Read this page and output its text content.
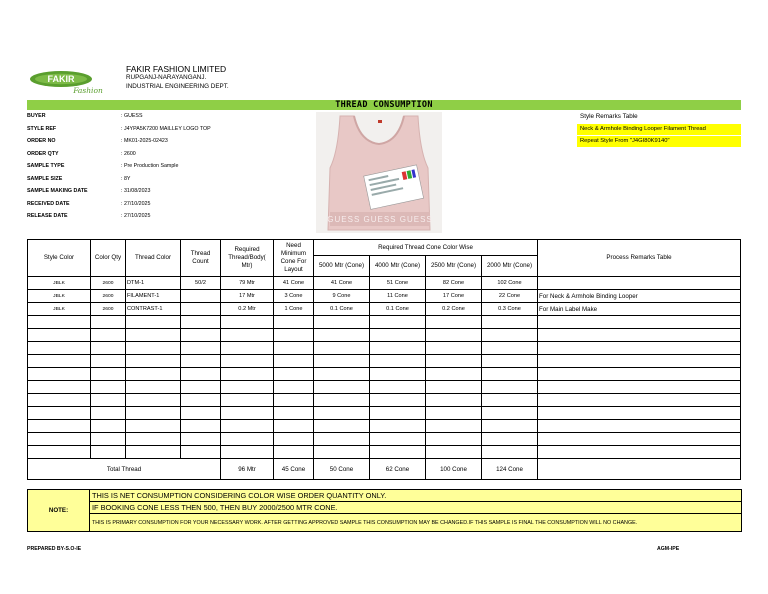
FAKIR
Fashion
FAKIR FASHION LIMITED
RUPGANJ-NARAYANGANJ.
INDUSTRIAL ENGINEERING DEPT.
THREAD CONSUMPTION
BUYER	: GUESS
STYLE REF	: J4YPA5K7200 MAILLEY LOGO TOP
ORDER NO	: MK01-2025-02423
ORDER QTY	: 2600
SAMPLE TYPE	: Pre Production Sample
SAMPLE SIZE	: 8Y
SAMPLE MAKING DATE	: 31/08/2023
RECEIVED DATE	: 27/10/2025
RELEASE DATE	: 27/10/2025	GUESS GUESS GUESS
Style Remarks Table
Neck & Armhole Binding Looper Filament Thread
Repeat Style From "J4GI80K9140"
Style Color	Color Qty	Thread Color	Thread Count	Required Thread/Body( Mtr)	Need Minimum Cone For Layout	Required Thread Cone Color Wise				Process Remarks Table
						5000 Mtr (Cone)	4000 Mtr (Cone)	2500 Mtr (Cone)	2000 Mtr (Cone)	
JBLK	2600	DTM-1	50/2	79 Mtr	41 Cone	41 Cone	51 Cone	82 Cone	102 Cone	
JBLK	2600	FILAMENT-1		17 Mtr	3 Cone	9 Cone	11 Cone	17 Cone	22 Cone	For Neck & Armhole Binding Looper
JBLK	2600	CONTRAST-1		0.2 Mtr	1 Cone	0.1 Cone	0.1 Cone	0.2 Cone	0.3 Cone	For Main Label Make

Total Thread				96 Mtr	45 Cone	50 Cone	62 Cone	100 Cone	124 Cone	
NOTE:	THIS IS NET CONSUMPTION CONSIDERING COLOR WISE ORDER QUANTITY ONLY.
IF BOOKING CONE LESS THEN 500, THEN BUY 2000/2500 MTR CONE.
THIS IS PRIMARY CONSUMPTION FOR YOUR NECESSARY WORK. AFTER GETTING APPROVED SAMPLE THIS CONSUMPTION MAY BE CHANGED.IF THIS SAMPLE IS FINAL THE CONSUMPTION WILL NO CHANGE.
PREPARED BY-S.O-IE	AGM-IPE
